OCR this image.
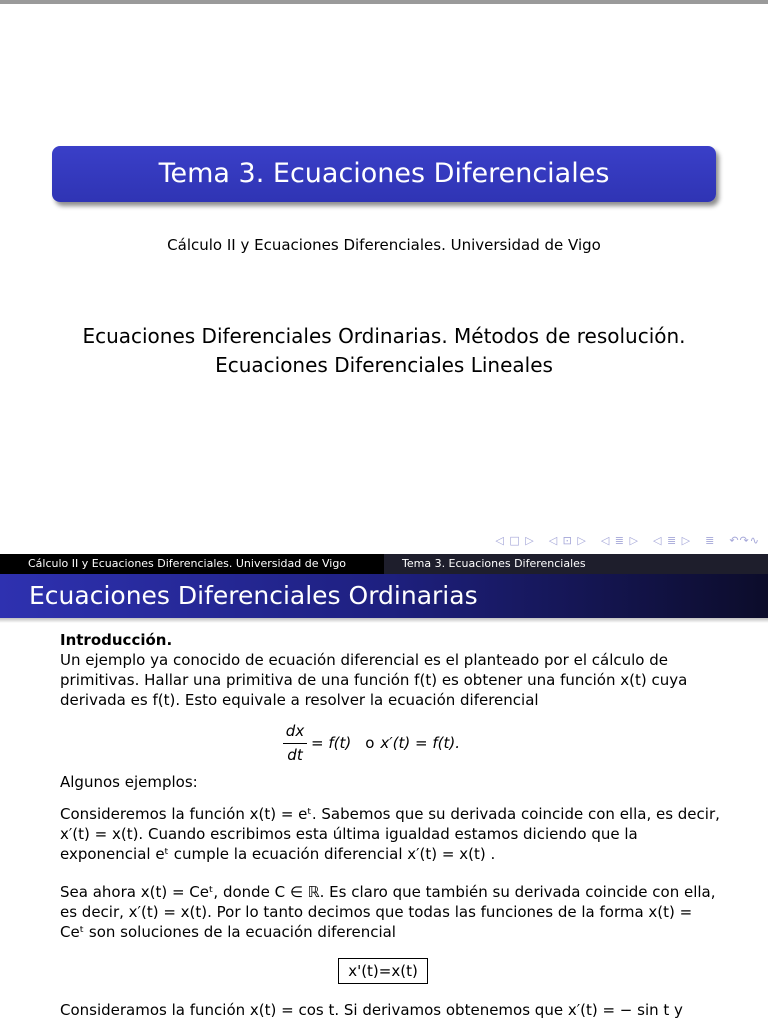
Tema 3. Ecuaciones Diferenciales
Cálculo II y Ecuaciones Diferenciales. Universidad de Vigo
Ecuaciones Diferenciales Ordinarias. Métodos de resolución.
Ecuaciones Diferenciales Lineales
◁ □ ▷ ◁ ⊡ ▷ ◁ ≣ ▷ ◁ ≣ ▷ ≣ ↶↷∿
Cálculo II y Ecuaciones Diferenciales. Universidad de Vigo	Tema 3. Ecuaciones Diferenciales
Ecuaciones Diferenciales Ordinarias

Introducción.

Un ejemplo ya conocido de ecuación diferencial es el planteado por el cálculo de primitivas. Hallar una primitiva de una función f(t) es obtener una función x(t) cuya derivada es f(t). Esto equivale a resolver la ecuación diferencial

dx
dt
= f(t) o x′(t) = f(t).

Algunos ejemplos:

Consideremos la función x(t) = eᵗ. Sabemos que su derivada coincide con ella, es decir, x′(t) = x(t). Cuando escribimos esta última igualdad estamos diciendo que la exponencial eᵗ cumple la ecuación diferencial x′(t) = x(t) .

Sea ahora x(t) = Ceᵗ, donde C ∈ ℝ. Es claro que también su derivada coincide con ella, es decir, x′(t) = x(t). Por lo tanto decimos que todas las funciones de la forma x(t) = Ceᵗ son soluciones de la ecuación diferencial

x'(t)=x(t)

Consideramos la función x(t) = cos t. Si derivamos obtenemos que x′(t) = − sin t y
